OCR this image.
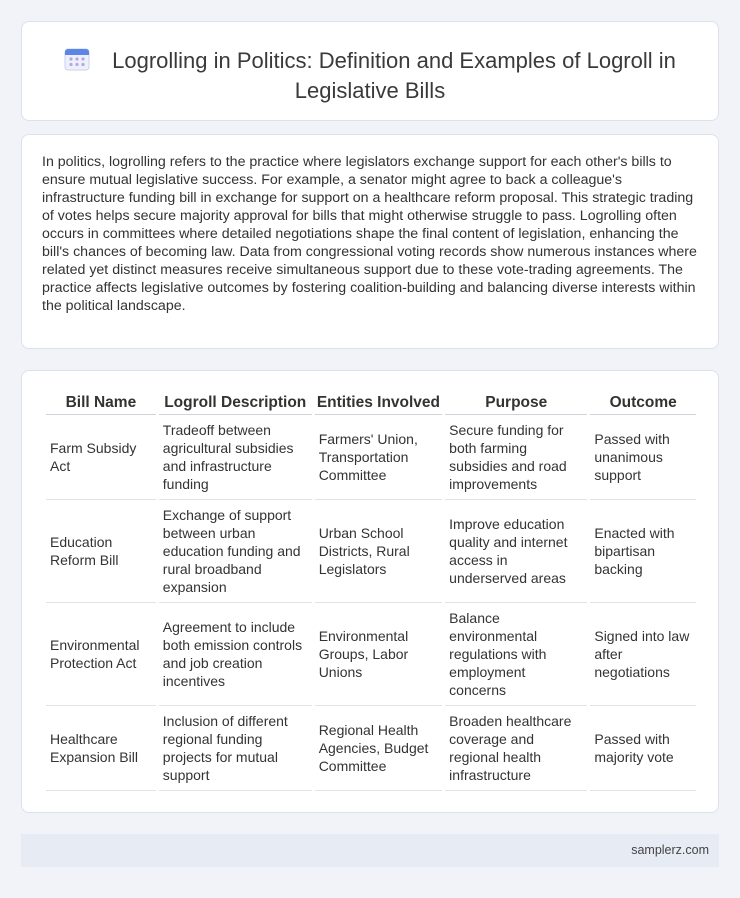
Logrolling in Politics: Definition and Examples of Logroll in Legislative Bills

In politics, logrolling refers to the practice where legislators exchange support for each other's bills to ensure mutual legislative success. For example, a senator might agree to back a colleague's infrastructure funding bill in exchange for support on a healthcare reform proposal. This strategic trading of votes helps secure majority approval for bills that might otherwise struggle to pass. Logrolling often occurs in committees where detailed negotiations shape the final content of legislation, enhancing the bill's chances of becoming law. Data from congressional voting records show numerous instances where related yet distinct measures receive simultaneous support due to these vote-trading agreements. The practice affects legislative outcomes by fostering coalition-building and balancing diverse interests within the political landscape.

Bill Name	Logroll Description	Entities Involved	Purpose	Outcome
Farm Subsidy Act	Tradeoff between agricultural subsidies and infrastructure funding	Farmers' Union, Transportation Committee	Secure funding for both farming subsidies and road improvements	Passed with unanimous support
Education Reform Bill	Exchange of support between urban education funding and rural broadband expansion	Urban School Districts, Rural Legislators	Improve education quality and internet access in underserved areas	Enacted with bipartisan backing
Environmental Protection Act	Agreement to include both emission controls and job creation incentives	Environmental Groups, Labor Unions	Balance environmental regulations with employment concerns	Signed into law after negotiations
Healthcare Expansion Bill	Inclusion of different regional funding projects for mutual support	Regional Health Agencies, Budget Committee	Broaden healthcare coverage and regional health infrastructure	Passed with majority vote
samplerz.com
